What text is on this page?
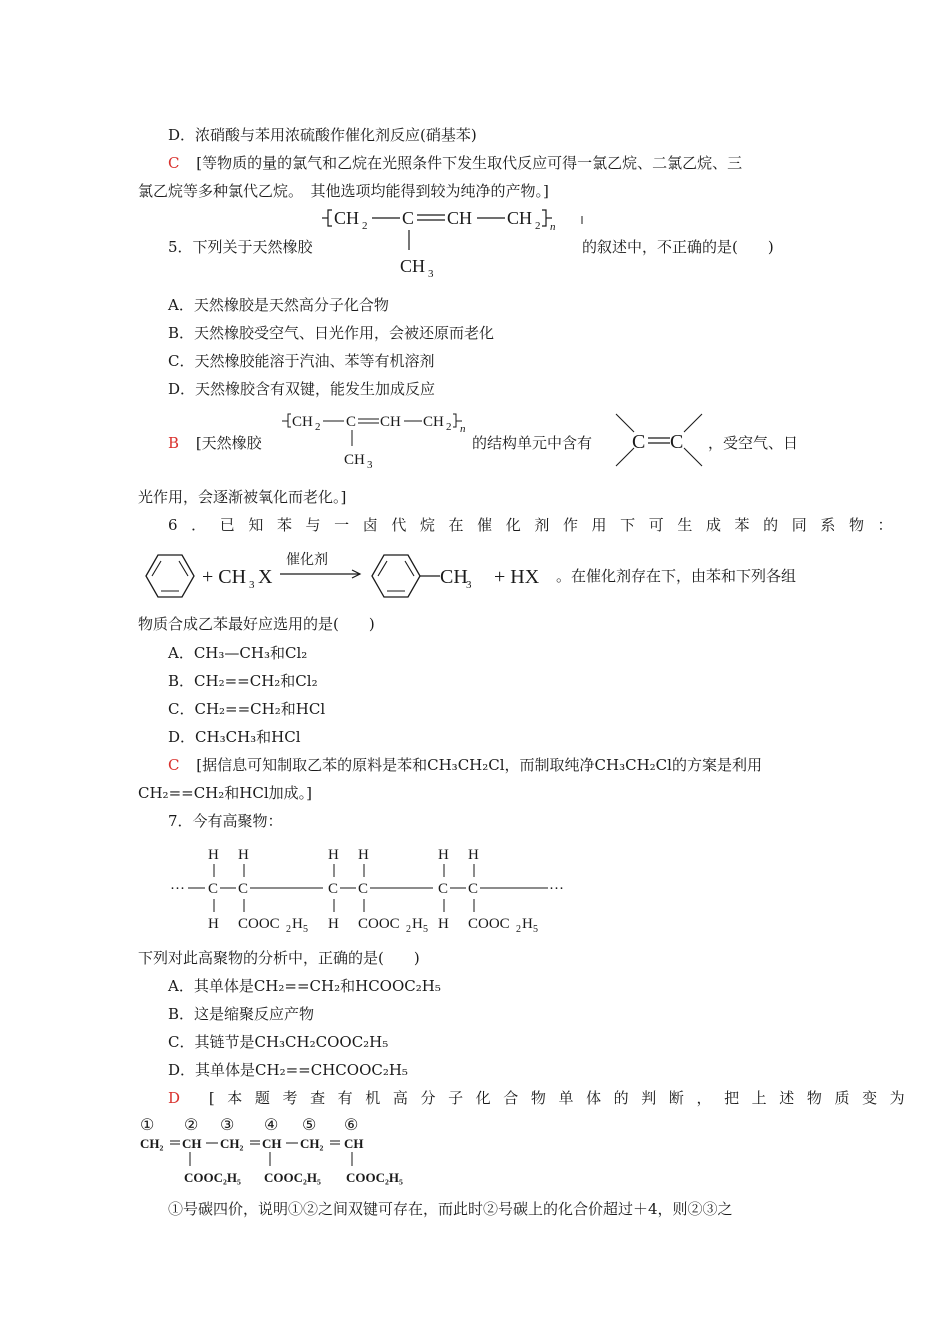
D．浓硝酸与苯用浓硫酸作催化剂反应(硝基苯)
C [等物质的量的氯气和乙烷在光照条件下发生取代反应可得一氯乙烷、二氯乙烷、三
氯乙烷等多种氯代乙烷。　其他选项均能得到较为纯净的产物。]
5．下列关于天然橡胶
CH 2 C CH CH 2 n
CH 3
的叙述中，不正确的是(　　)
A．天然橡胶是天然高分子化合物
B．天然橡胶受空气、日光作用，会被还原而老化
C．天然橡胶能溶于汽油、苯等有机溶剂
D．天然橡胶含有双键，能发生加成反应
B [天然橡胶
CH 2 C CH CH 2 n
CH 3
的结构单元中含有 C C ，受空气、日
光作用，会逐渐被氧化而老化。]
6．已知苯与一卤代烷在催化剂作用下可生成苯的同系物：
+ CH 3 X
催化剂
CH
3 + HX 。在催化剂存在下，由苯和下列各组
物质合成乙苯最好应选用的是(　　)
A．CH₃—CH₃和Cl₂
B．CH₂==CH₂和Cl₂
C．CH₂==CH₂和HCl
D．CH₃CH₃和HCl
C [据信息可知制取乙苯的原料是苯和CH₃CH₂Cl，而制取纯净CH₃CH₂Cl的方案是利用
CH₂==CH₂和HCl加成。]
7．今有高聚物：
···
H H
C C
H COOC 2 H 5
H H
C C
H COOC 2 H 5
H H
C C
H COOC 2 H 5
···
下列对此高聚物的分析中，正确的是(　　)
A．其单体是CH₂==CH₂和HCOOC₂H₅
B．这是缩聚反应产物
C．其链节是CH₃CH₂COOC₂H₅
D．其单体是CH₂==CHCOOC₂H₅
D [本题考查有机高分子化合物单体的判断，把上述物质变为
① ② ③ ④ ⑤ ⑥
CH₂ CH CH₂ CH CH₂ CH
COOC₂H₅ COOC₂H₅ COOC₂H₅
①号碳四价，说明①②之间双键可存在，而此时②号碳上的化合价超过＋4，则②③之
